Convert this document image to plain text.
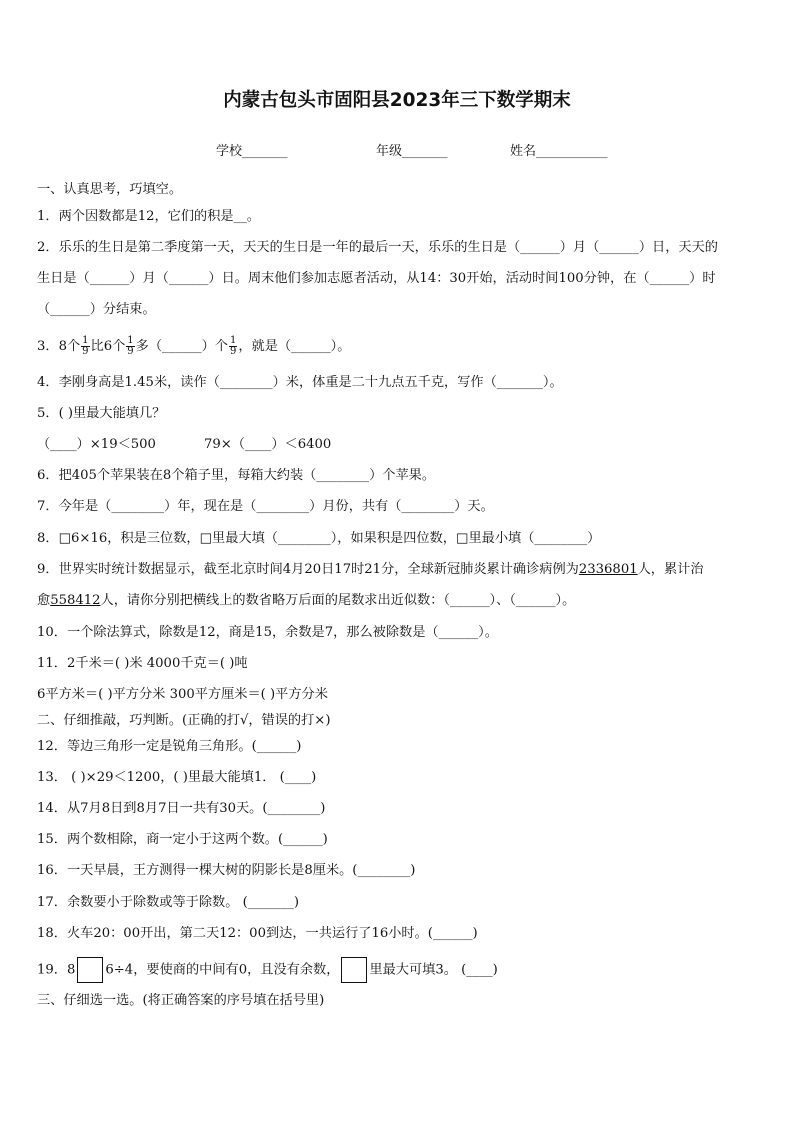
内蒙古包头市固阳县2023年三下数学期末
学校_______	年级_______	姓名___________
一、认真思考，巧填空。
1．两个因数都是12，它们的积是__。
2．乐乐的生日是第二季度第一天，天天的生日是一年的最后一天，乐乐的生日是（______）月（______）日，天天的
生日是（______）月（______）日。周末他们参加志愿者活动，从14：30开始，活动时间100分钟，在（______）时
（______）分结束。
3．8个 $\frac{1}{9}$ 比6个 $\frac{1}{9}$ 多（______）个 $\frac{1}{9}$ ，就是（______）。
4．李刚身高是1.45米，读作（________）米，体重是二十九点五千克，写作（_______）。
5．( )里最大能填几？
（____）×19＜500	79×（____）＜6400
6．把405个苹果装在8个箱子里，每箱大约装（________）个苹果。
7．今年是（________）年，现在是（________）月份，共有（________）天。
8．□6×16，积是三位数，□里最大填（________），如果积是四位数，□里最小填（________）
9．世界实时统计数据显示，截至北京时间4月20日17时21分，全球新冠肺炎累计确诊病例为2336801人，累计治
愈558412人，请你分别把横线上的数省略万后面的尾数求出近似数：（______）、（______）。
10．一个除法算式，除数是12，商是15，余数是7，那么被除数是（______）。
11．2千米＝( )米 4000千克＝( )吨
6平方米＝( )平方分米 300平方厘米＝( )平方分米
二、仔细推敲，巧判断。(正确的打√，错误的打×)
12．等边三角形一定是锐角三角形。(______)
13． ( )×29＜1200，( )里最大能填1． (____)
14．从7月8日到8月7日一共有30天。(________)
15．两个数相除，商一定小于这两个数。(______)
16．一天早晨，王方测得一棵大树的阴影长是8厘米。(________)
17．余数要小于除数或等于除数。 (_______)
18．火车20：00开出，第二天12：00到达，一共运行了16小时。(______)
19．8 6÷4，要使商的中间有0，且没有余数， 里最大可填3。 (____)
三、仔细选一选。(将正确答案的序号填在括号里)
